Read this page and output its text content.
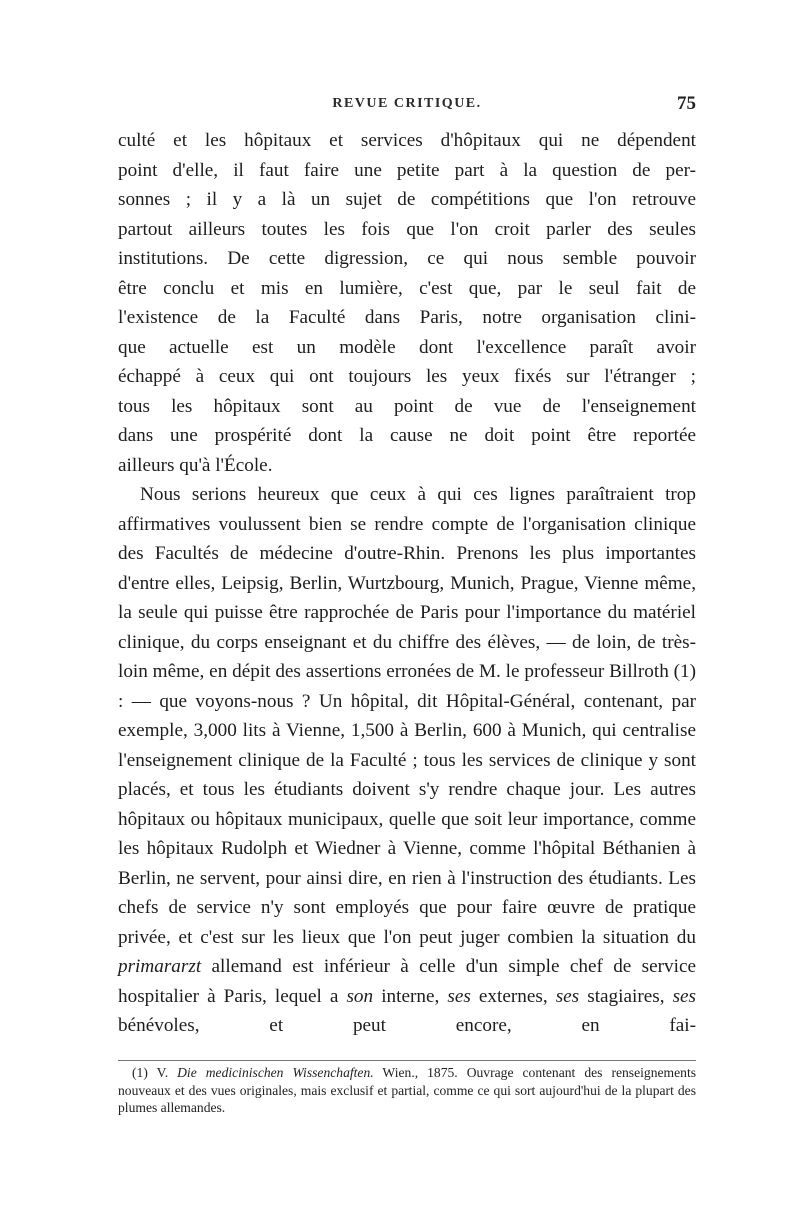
REVUE CRITIQUE.	75

culté et les hôpitaux et services d'hôpitaux qui ne dépendent
point d'elle, il faut faire une petite part à la question de per-
sonnes ; il y a là un sujet de compétitions que l'on retrouve
partout ailleurs toutes les fois que l'on croit parler des seules
institutions. De cette digression, ce qui nous semble pouvoir
être conclu et mis en lumière, c'est que, par le seul fait de
l'existence de la Faculté dans Paris, notre organisation clini-
que actuelle est un modèle dont l'excellence paraît avoir
échappé à ceux qui ont toujours les yeux fixés sur l'étranger ;
tous les hôpitaux sont au point de vue de l'enseignement
dans une prospérité dont la cause ne doit point être reportée
ailleurs qu'à l'École.

Nous serions heureux que ceux à qui ces lignes paraîtraient trop affirmatives voulussent bien se rendre compte de l'organisation clinique des Facultés de médecine d'outre-Rhin. Prenons les plus importantes d'entre elles, Leipsig, Berlin, Wurtzbourg, Munich, Prague, Vienne même, la seule qui puisse être rapprochée de Paris pour l'importance du matériel clinique, du corps enseignant et du chiffre des élèves, — de loin, de très-loin même, en dépit des assertions erronées de M. le professeur Billroth (1) : — que voyons-nous ? Un hôpital, dit Hôpital-Général, contenant, par exemple, 3,000 lits à Vienne, 1,500 à Berlin, 600 à Munich, qui centralise l'enseignement clinique de la Faculté ; tous les services de clinique y sont placés, et tous les étudiants doivent s'y rendre chaque jour. Les autres hôpitaux ou hôpitaux municipaux, quelle que soit leur importance, comme les hôpitaux Rudolph et Wiedner à Vienne, comme l'hôpital Béthanien à Berlin, ne servent, pour ainsi dire, en rien à l'instruction des étudiants. Les chefs de service n'y sont employés que pour faire œuvre de pratique privée, et c'est sur les lieux que l'on peut juger combien la situation du primararzt allemand est inférieur à celle d'un simple chef de service hospitalier à Paris, lequel a son interne, ses externes, ses stagiaires, ses bénévoles, et peut encore, en fai-

(1) V. Die medicinischen Wissenchaften. Wien., 1875. Ouvrage contenant des renseignements nouveaux et des vues originales, mais exclusif et partial, comme ce qui sort aujourd'hui de la plupart des plumes allemandes.
